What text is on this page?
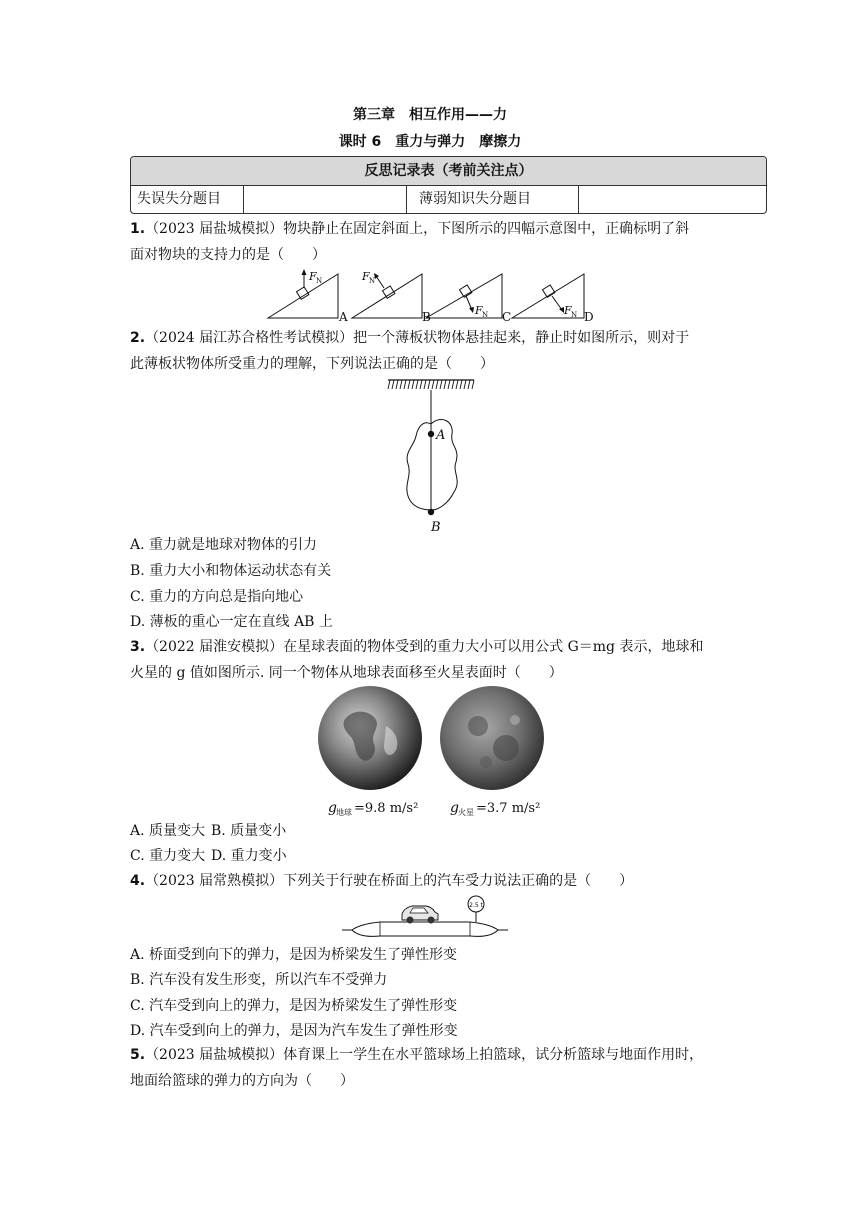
第三章　相互作用——力
课时 6　重力与弹力　摩擦力
反思记录表（考前关注点）
失误失分题目	薄弱知识失分题目
1.（2023 届盐城模拟）物块静止在固定斜面上，下图所示的四幅示意图中，正确标明了斜
面对物块的支持力的是（　　）
F N	F N
F N	F N
A	B	C	D
2.（2024 届江苏合格性考试模拟）把一个薄板状物体悬挂起来，静止时如图所示，则对于
此薄板状物体所受重力的理解，下列说法正确的是（　　）
A
B
A. 重力就是地球对物体的引力
B. 重力大小和物体运动状态有关
C. 重力的方向总是指向地心
D. 薄板的重心一定在直线 AB 上
3.（2022 届淮安模拟）在星球表面的物体受到的重力大小可以用公式 G＝mg 表示，地球和
火星的 g 值如图所示. 同一个物体从地球表面移至火星表面时（　　）
g 地球 =9.8 m/s² g 火星 =3.7 m/s²
A. 质量变大 B. 质量变小
C. 重力变大 D. 重力变小
4.（2023 届常熟模拟）下列关于行驶在桥面上的汽车受力说法正确的是（　　）
2.5 t
A. 桥面受到向下的弹力，是因为桥梁发生了弹性形变
B. 汽车没有发生形变，所以汽车不受弹力
C. 汽车受到向上的弹力，是因为桥梁发生了弹性形变
D. 汽车受到向上的弹力，是因为汽车发生了弹性形变
5.（2023 届盐城模拟）体育课上一学生在水平篮球场上拍篮球，试分析篮球与地面作用时，
地面给篮球的弹力的方向为（　　）
